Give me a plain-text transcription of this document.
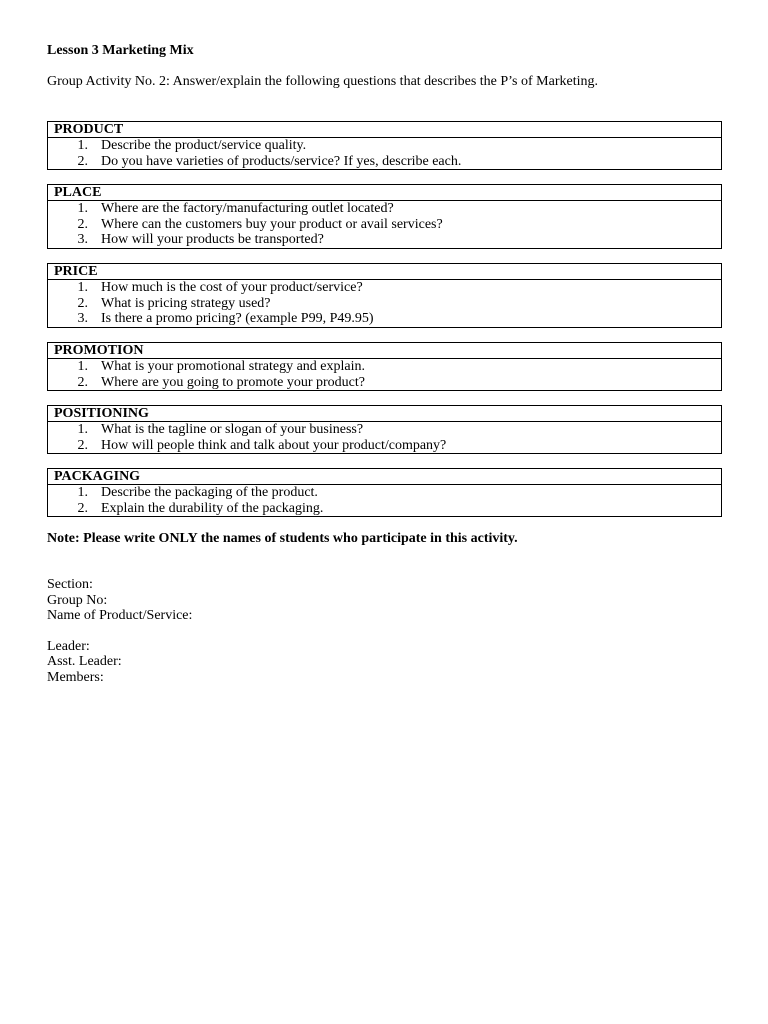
Lesson 3 Marketing Mix
Group Activity No. 2: Answer/explain the following questions that describes the P’s of Marketing.
PRODUCT
1. Describe the product/service quality.
2. Do you have varieties of products/service? If yes, describe each.
PLACE
1. Where are the factory/manufacturing outlet located?
2. Where can the customers buy your product or avail services?
3. How will your products be transported?
PRICE
1. How much is the cost of your product/service?
2. What is pricing strategy used?
3. Is there a promo pricing? (example P99, P49.95)
PROMOTION
1. What is your promotional strategy and explain.
2. Where are you going to promote your product?
POSITIONING
1. What is the tagline or slogan of your business?
2. How will people think and talk about your product/company?
PACKAGING
1. Describe the packaging of the product.
2. Explain the durability of the packaging.
Note: Please write ONLY the names of students who participate in this activity.
Section:
Group No:
Name of Product/Service:
Leader:
Asst. Leader:
Members:
